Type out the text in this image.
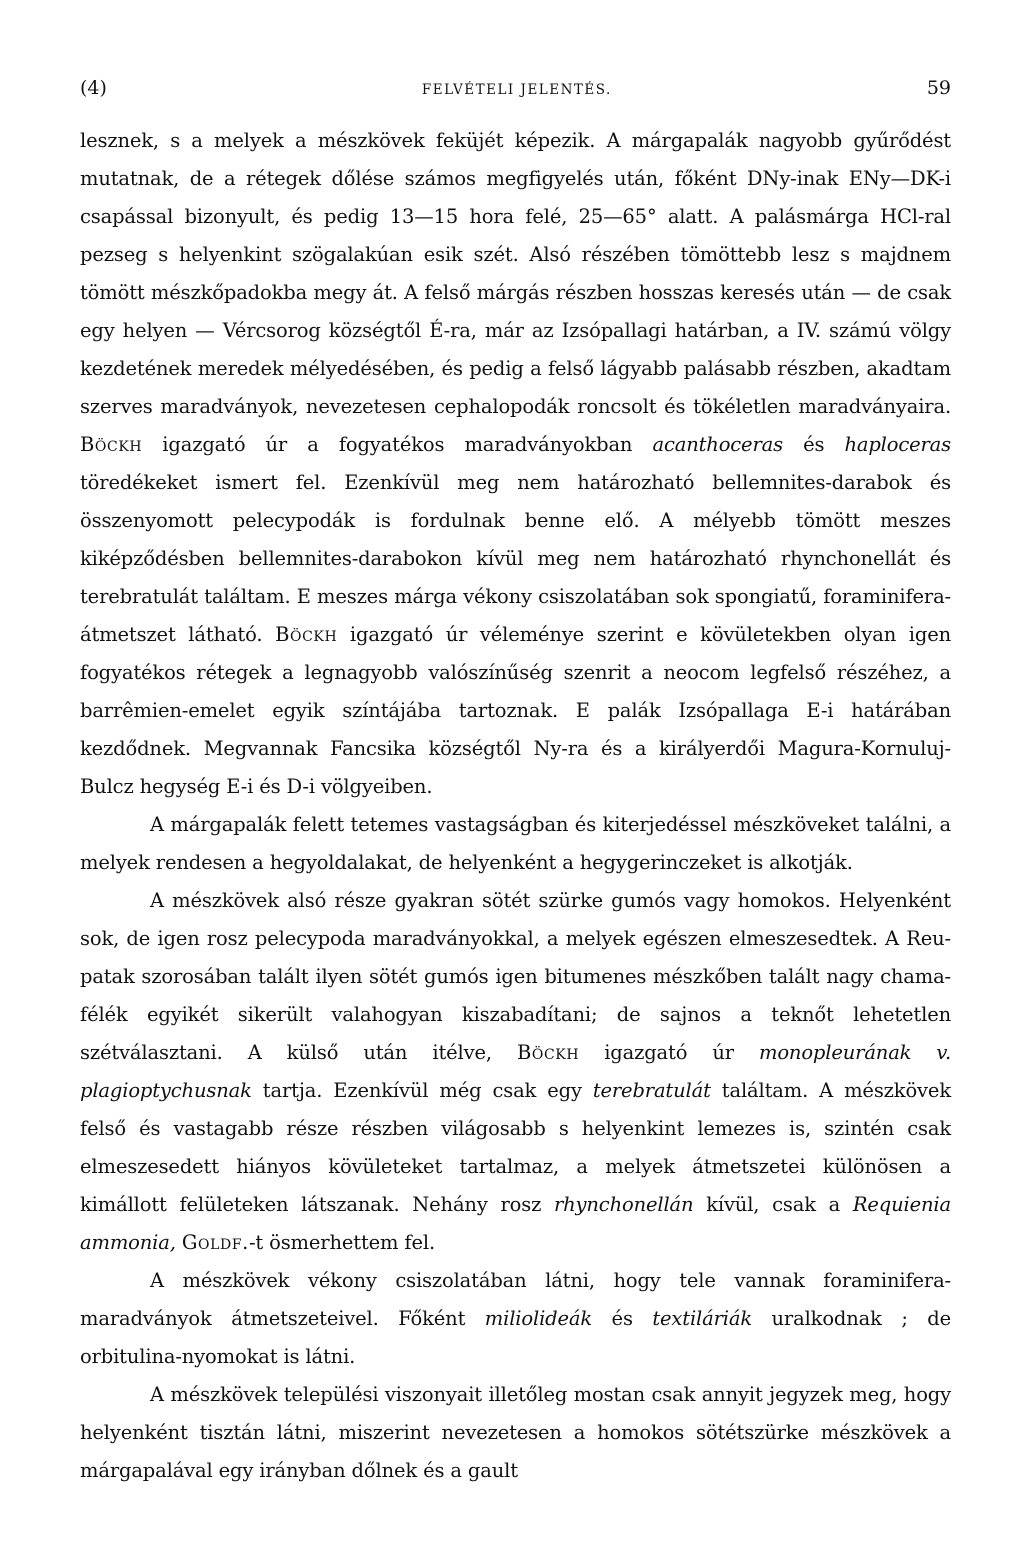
(4)	FELVÉTELI JELENTÉS.	59

lesznek, s a melyek a mészkövek feküjét képezik. A márgapalák nagyobb gyűrődést mutatnak, de a rétegek dőlése számos megfigyelés után, főként DNy-inak ENy—DK-i csapással bizonyult, és pedig 13—15 hora felé, 25—65° alatt. A palásmárga HCl-ral pezseg s helyenkint szögalakúan esik szét. Alsó részében tömöttebb lesz s majdnem tömött mészkőpadokba megy át. A felső márgás részben hosszas keresés után — de csak egy helyen — Vércsorog községtől É-ra, már az Izsópallagi határban, a IV. számú völgy kezdetének meredek mélyedésében, és pedig a felső lágyabb palásabb részben, akadtam szerves maradványok, nevezetesen cephalopodák roncsolt és tökéletlen maradványaira. Böckh igazgató úr a fogyatékos maradványokban acanthoceras és haploceras töredékeket ismert fel. Ezenkívül meg nem határozható bellemnites-darabok és összenyomott pelecypodák is fordulnak benne elő. A mélyebb tömött meszes kiképződésben bellemnites-darabokon kívül meg nem határozható rhynchonellát és terebratulát találtam. E meszes márga vékony csiszolatában sok spongiatű, foraminifera-átmetszet látható. Böckh igazgató úr véleménye szerint e kövületekben olyan igen fogyatékos rétegek a legnagyobb valószínűség szenrit a neocom legfelső részéhez, a barrêmien-emelet egyik színtájába tartoznak. E palák Izsópallaga E-i határában kezdődnek. Megvannak Fancsika községtől Ny-ra és a királyerdői Magura-Kornuluj-Bulcz hegység E-i és D-i völgyeiben.

A márgapalák felett tetemes vastagságban és kiterjedéssel mészköveket találni, a melyek rendesen a hegyoldalakat, de helyenként a hegygerinczeket is alkotják.

A mészkövek alsó része gyakran sötét szürke gumós vagy homokos. Helyenként sok, de igen rosz pelecypoda maradványokkal, a melyek egészen elmeszesedtek. A Reu-patak szorosában talált ilyen sötét gumós igen bitumenes mészkőben talált nagy chama-félék egyikét sikerült valahogyan kiszabadítani; de sajnos a teknőt lehetetlen szétválasztani. A külső után itélve, Böckh igazgató úr monopleurának v. plagioptychusnak tartja. Ezenkívül még csak egy terebratulát találtam. A mészkövek felső és vastagabb része részben világosabb s helyenkint lemezes is, szintén csak elmeszesedett hiányos kövületeket tartalmaz, a melyek átmetszetei különösen a kimállott felületeken látszanak. Nehány rosz rhynchonellán kívül, csak a Requienia ammonia, Goldf.-t ösmerhettem fel.

A mészkövek vékony csiszolatában látni, hogy tele vannak foraminifera-maradványok átmetszeteivel. Főként miliolideák és textiláriák uralkodnak ; de orbitulina-nyomokat is látni.

A mészkövek települési viszonyait illetőleg mostan csak annyit jegyzek meg, hogy helyenként tisztán látni, miszerint nevezetesen a homokos sötétszürke mészkövek a márgapalával egy irányban dőlnek és a gault
